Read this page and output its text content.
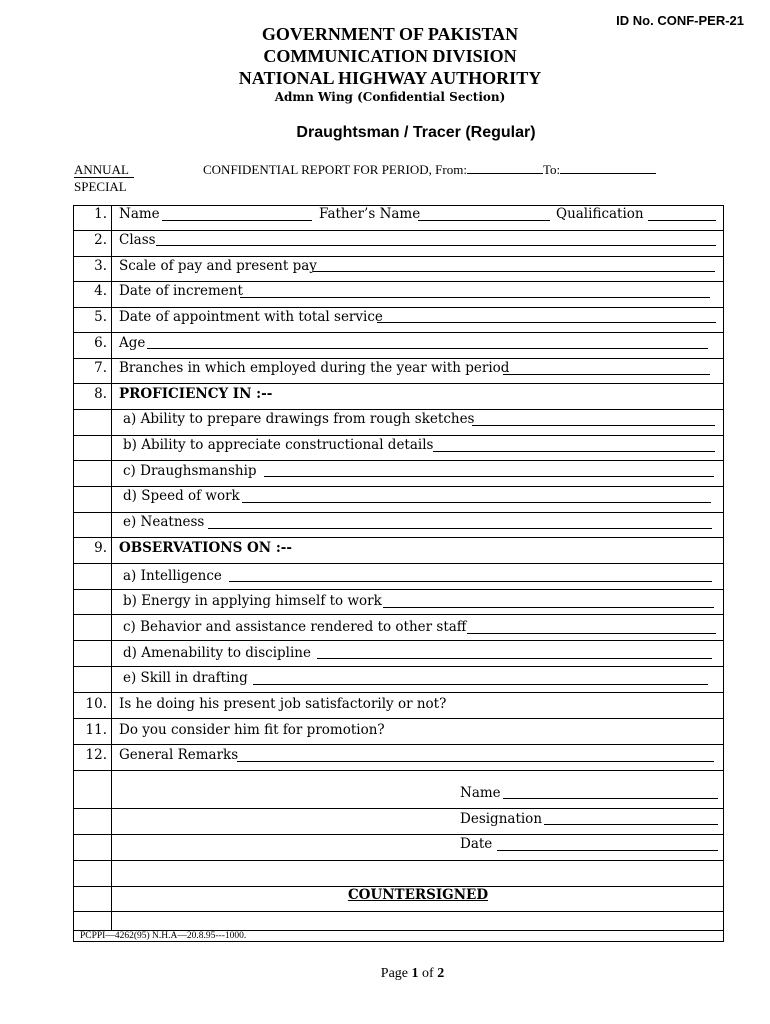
ID No. CONF-PER-21
GOVERNMENT OF PAKISTAN
COMMUNICATION DIVISION
NATIONAL HIGHWAY AUTHORITY
Admn Wing (Confidential Section)
Draughtsman / Tracer (Regular)
ANNUAL
SPECIAL
CONFIDENTIAL REPORT FOR PERIOD, From:	To:
1. Name	Father’s Name	Qualification
2. Class
3. Scale of pay and present pay
4. Date of increment
5. Date of appointment with total service
6. Age
7. Branches in which employed during the year with period
8. PROFICIENCY IN :--
a) Ability to prepare drawings from rough sketches
b) Ability to appreciate constructional details
c) Draughsmanship
d) Speed of work
e) Neatness
9. OBSERVATIONS ON :--
a) Intelligence
b) Energy in applying himself to work
c) Behavior and assistance rendered to other staff
d) Amenability to discipline
e) Skill in drafting
10. Is he doing his present job satisfactorily or not?
11. Do you consider him fit for promotion?
12. General Remarks
Name
Designation
Date
COUNTERSIGNED
PCPPI—4262(95) N.H.A—20.8.95---1000.
Page 1 of 2
